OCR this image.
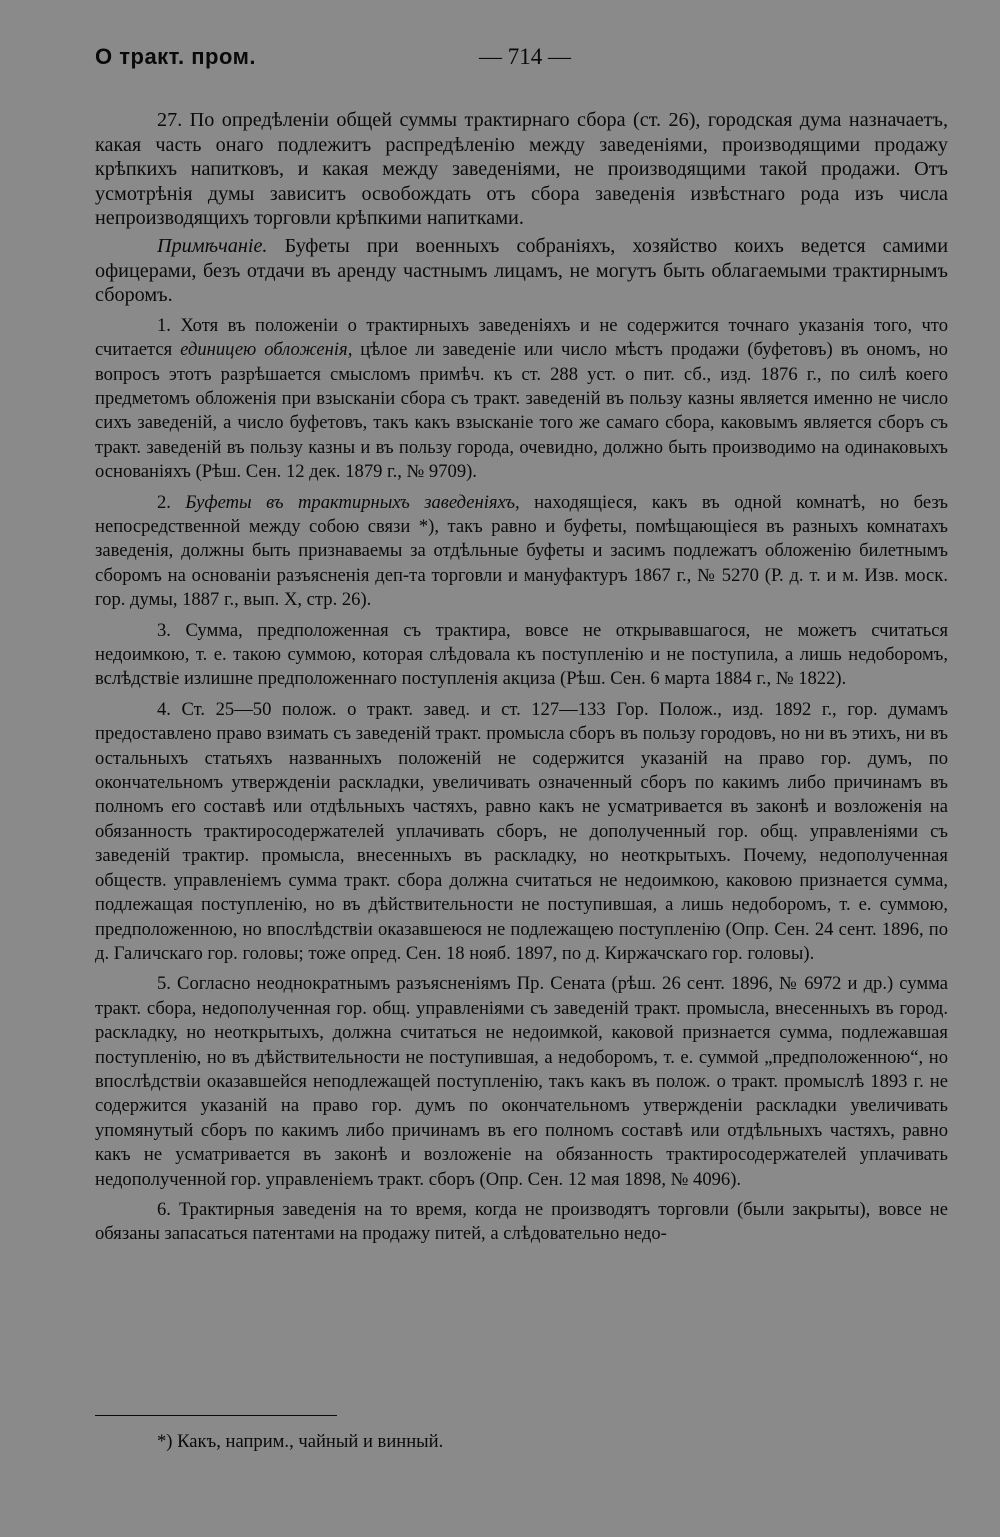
О тракт. пром.	— 714 —

27. По опредѣленіи общей суммы трактирнаго сбора (ст. 26), городская дума назначаетъ, какая часть онаго подлежитъ распредѣленію между заведеніями, производящими продажу крѣпкихъ напитковъ, и какая между заведеніями, не производящими такой продажи. Отъ усмотрѣнія думы зависитъ освобождать отъ сбора заведенія извѣстнаго рода изъ числа непроизводящихъ торговли крѣпкими напитками.

Примѣчаніе. Буфеты при военныхъ собраніяхъ, хозяйство коихъ ведется самими офицерами, безъ отдачи въ аренду частнымъ лицамъ, не могутъ быть облагаемыми трактирнымъ сборомъ.

1. Хотя въ положеніи о трактирныхъ заведеніяхъ и не содержится точнаго указанія того, что считается единицею обложенія, цѣлое ли заведеніе или число мѣстъ продажи (буфетовъ) въ ономъ, но вопросъ этотъ разрѣшается смысломъ примѣч. къ ст. 288 уст. о пит. сб., изд. 1876 г., по силѣ коего предметомъ обложенія при взысканіи сбора съ тракт. заведеній въ пользу казны является именно не число сихъ заведеній, а число буфетовъ, такъ какъ взысканіе того же самаго сбора, каковымъ является сборъ съ тракт. заведеній въ пользу казны и въ пользу города, очевидно, должно быть производимо на одинаковыхъ основаніяхъ (Рѣш. Сен. 12 дек. 1879 г., № 9709).

2. Буфеты въ трактирныхъ заведеніяхъ, находящіеся, какъ въ одной комнатѣ, но безъ непосредственной между собою связи *), такъ равно и буфеты, помѣщающіеся въ разныхъ комнатахъ заведенія, должны быть признаваемы за отдѣльные буфеты и засимъ подлежатъ обложенію билетнымъ сборомъ на основаніи разъясненія деп-та торговли и мануфактуръ 1867 г., № 5270 (Р. д. т. и м. Изв. моск. гор. думы, 1887 г., вып. X, стр. 26).

3. Сумма, предположенная съ трактира, вовсе не открывавшагося, не можетъ считаться недоимкою, т. е. такою суммою, которая слѣдовала къ поступленію и не поступила, а лишь недоборомъ, вслѣдствіе излишне предположеннаго поступленія акциза (Рѣш. Сен. 6 марта 1884 г., № 1822).

4. Ст. 25—50 полож. о тракт. завед. и ст. 127—133 Гор. Полож., изд. 1892 г., гор. думамъ предоставлено право взимать съ заведеній тракт. промысла сборъ въ пользу городовъ, но ни въ этихъ, ни въ остальныхъ статьяхъ названныхъ положеній не содержится указаній на право гор. думъ, по окончательномъ утвержденіи раскладки, увеличивать означенный сборъ по какимъ либо причинамъ въ полномъ его составѣ или отдѣльныхъ частяхъ, равно какъ не усматривается въ законѣ и возложенія на обязанность трактиросодержателей уплачивать сборъ, не дополученный гор. общ. управленіями съ заведеній трактир. промысла, внесенныхъ въ раскладку, но неоткрытыхъ. Почему, недополученная обществ. управленіемъ сумма тракт. сбора должна считаться не недоимкою, каковою признается сумма, подлежащая поступленію, но въ дѣйствительности не поступившая, а лишь недоборомъ, т. е. суммою, предположенною, но впослѣдствіи оказавшеюся не подлежащею поступленію (Опр. Сен. 24 сент. 1896, по д. Галичскаго гор. головы; тоже опред. Сен. 18 нояб. 1897, по д. Киржачскаго гор. головы).

5. Согласно неоднократнымъ разъясненіямъ Пр. Сената (рѣш. 26 сент. 1896, № 6972 и др.) сумма тракт. сбора, недополученная гор. общ. управленіями съ заведеній тракт. промысла, внесенныхъ въ город. раскладку, но неоткрытыхъ, должна считаться не недоимкой, каковой признается сумма, подлежавшая поступленію, но въ дѣйствительности не поступившая, а недоборомъ, т. е. суммой „предположенною“, но впослѣдствіи оказавшейся неподлежащей поступленію, такъ какъ въ полож. о тракт. промыслѣ 1893 г. не содержится указаній на право гор. думъ по окончательномъ утвержденіи раскладки увеличивать упомянутый сборъ по какимъ либо причинамъ въ его полномъ составѣ или отдѣльныхъ частяхъ, равно какъ не усматривается въ законѣ и возложеніе на обязанность трактиросодержателей уплачивать недополученной гор. управленіемъ тракт. сборъ (Опр. Сен. 12 мая 1898, № 4096).

6. Трактирныя заведенія на то время, когда не производятъ торговли (были закрыты), вовсе не обязаны запасаться патентами на продажу питей, а слѣдовательно недо-

*) Какъ, наприм., чайный и винный.
